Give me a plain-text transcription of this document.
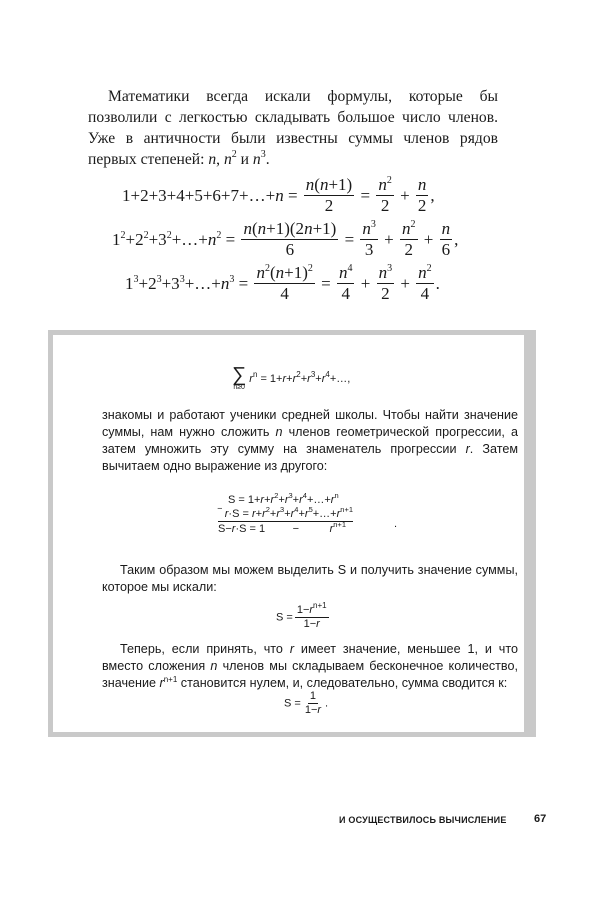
Математики всегда искали формулы, которые бы позволили с легкостью складывать большое число членов. Уже в античности были известны суммы членов рядов первых степеней: n, $n^2$ и $n^3$.
1+2+3+4+5+6+7+…+n = $\frac{n(n+1)}{2} = \frac{n^2}{2} + \frac{n}{2}$ ,
$1^2+2^2+3^2+\dots+n^2 = \frac{n(n+1)(2n+1)}{6} = \frac{n^3}{3} + \frac{n^2}{2} + \frac{n}{6}$ ,
$1^3+2^3+3^3+\dots+n^3 = \frac{n^2(n+1)^2}{4} = \frac{n^4}{4} + \frac{n^3}{2} + \frac{n^2}{4}$ .
∑
n≥0
$r^n$ = $1+r+r^2+r^3+r^4+\dots$,
знакомы и работают ученики средней школы. Чтобы найти значение суммы, нам нужно сложить n членов геометрической прогрессии, а затем умножить эту сумму на знаменатель прогрессии r. Затем вычитаем одно выражение из другого:
$S = 1+r+r^2+r^3+r^4+\dots+r^n$
‾ $r\cdot S = r+r^2+r^3+r^4+r^5+\dots+r^{n+1}$
S−r·S = 1         −          $r^{n+1}$	.
Таким образом мы можем выделить S и получить значение суммы, которое мы искали:
$S = \frac{1-r^{n+1}}{1-r}$
Теперь, если принять, что r имеет значение, меньшее 1, и что вместо сложения n членов мы складываем бесконечное количество, значение $r^{n+1}$ становится нулем, и, следовательно, сумма сводится к:
$S = \frac{1}{1-r}$ .
И ОСУЩЕСТВИЛОСЬ ВЫЧИСЛЕНИЕ 67
